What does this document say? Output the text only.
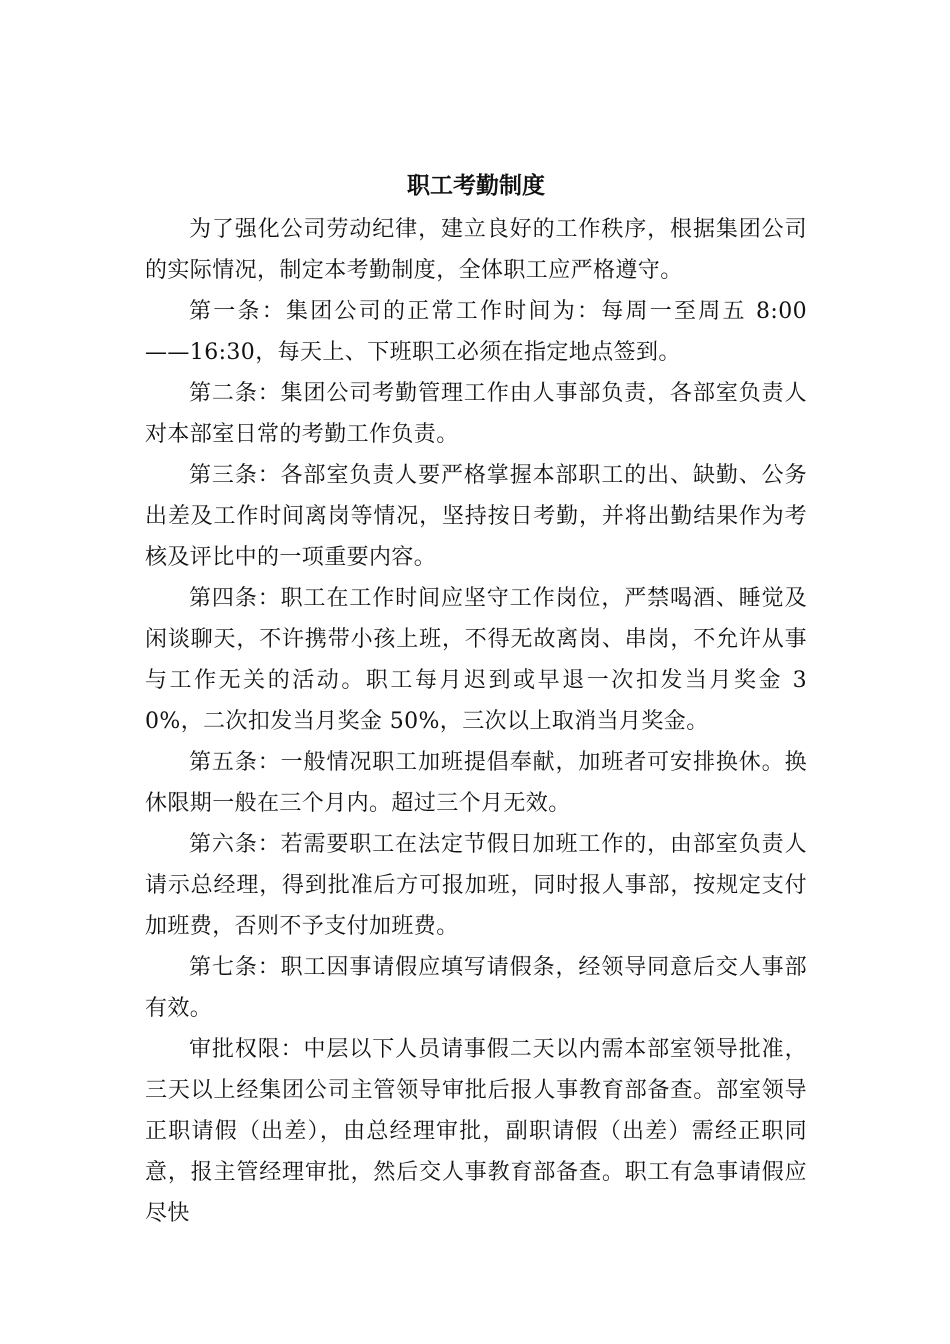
职工考勤制度

为了强化公司劳动纪律，建立良好的工作秩序，根据集团公司的实际情况，制定本考勤制度，全体职工应严格遵守。

第一条：集团公司的正常工作时间为：每周一至周五 8:00——16:30，每天上、下班职工必须在指定地点签到。

第二条：集团公司考勤管理工作由人事部负责，各部室负责人对本部室日常的考勤工作负责。

第三条：各部室负责人要严格掌握本部职工的出、缺勤、公务出差及工作时间离岗等情况，坚持按日考勤，并将出勤结果作为考核及评比中的一项重要内容。

第四条：职工在工作时间应坚守工作岗位，严禁喝酒、睡觉及闲谈聊天，不许携带小孩上班，不得无故离岗、串岗，不允许从事与工作无关的活动。职工每月迟到或早退一次扣发当月奖金 30%，二次扣发当月奖金 50%，三次以上取消当月奖金。

第五条：一般情况职工加班提倡奉献，加班者可安排换休。换休限期一般在三个月内。超过三个月无效。

第六条：若需要职工在法定节假日加班工作的，由部室负责人请示总经理，得到批准后方可报加班，同时报人事部，按规定支付加班费，否则不予支付加班费。

第七条：职工因事请假应填写请假条，经领导同意后交人事部有效。

审批权限：中层以下人员请事假二天以内需本部室领导批准，三天以上经集团公司主管领导审批后报人事教育部备查。部室领导正职请假（出差），由总经理审批，副职请假（出差）需经正职同意，报主管经理审批，然后交人事教育部备查。职工有急事请假应尽快
